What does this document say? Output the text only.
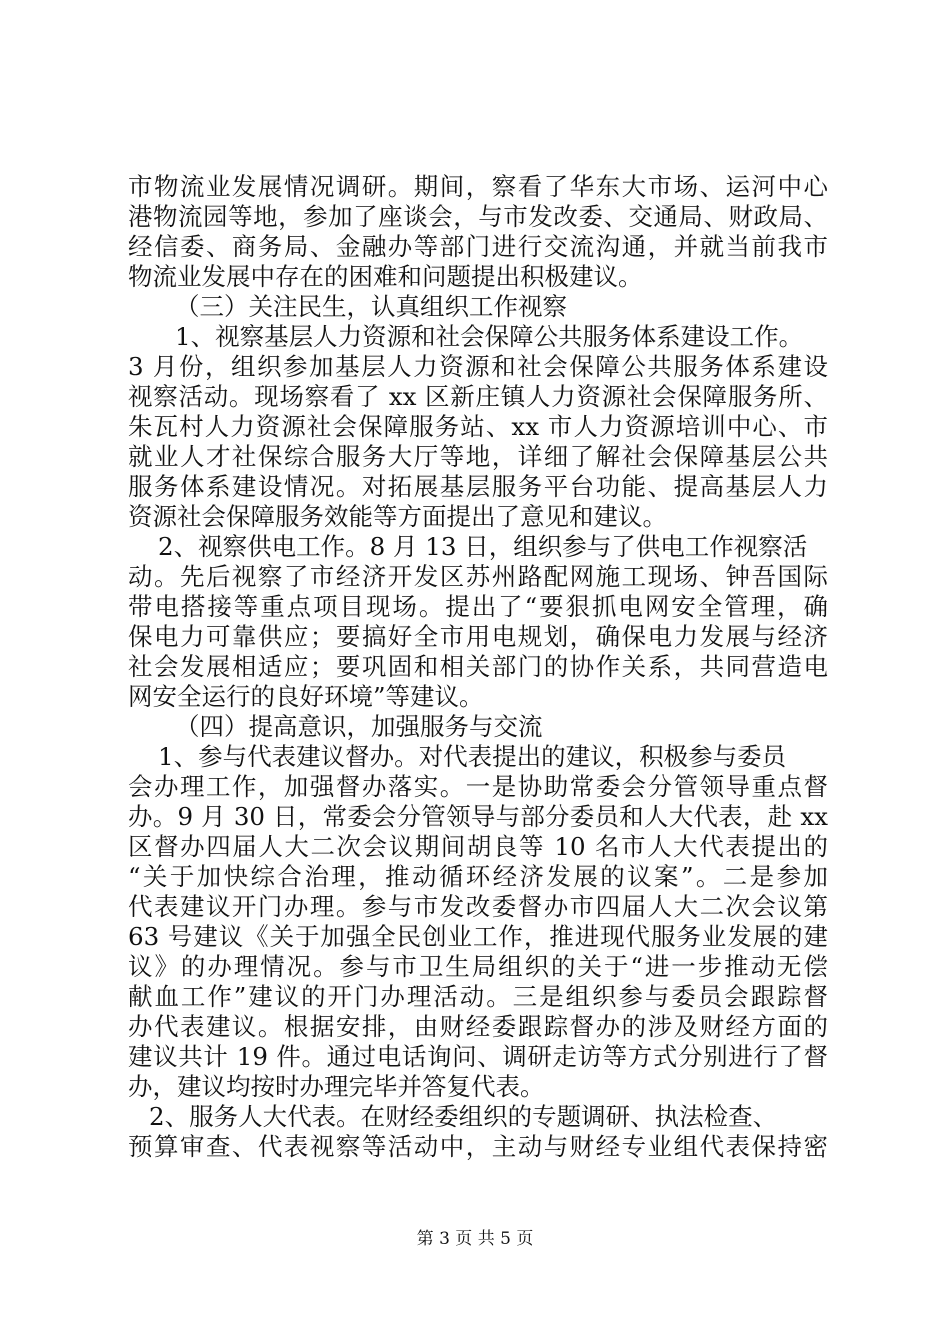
市物流业发展情况调研。期间，察看了华东大市场、运河中心
港物流园等地，参加了座谈会，与市发改委、交通局、财政局、
经信委、商务局、金融办等部门进行交流沟通，并就当前我市
物流业发展中存在的困难和问题提出积极建议。
（三）关注民生，认真组织工作视察
1、视察基层人力资源和社会保障公共服务体系建设工作。
3 月份，组织参加基层人力资源和社会保障公共服务体系建设
视察活动。现场察看了 xx 区新庄镇人力资源社会保障服务所、
朱瓦村人力资源社会保障服务站、xx 市人力资源培训中心、市
就业人才社保综合服务大厅等地，详细了解社会保障基层公共
服务体系建设情况。对拓展基层服务平台功能、提高基层人力
资源社会保障服务效能等方面提出了意见和建议。
2、视察供电工作。8 月 13 日，组织参与了供电工作视察活
动。先后视察了市经济开发区苏州路配网施工现场、钟吾国际
带电搭接等重点项目现场。提出了“要狠抓电网安全管理，确
保电力可靠供应；要搞好全市用电规划，确保电力发展与经济
社会发展相适应；要巩固和相关部门的协作关系，共同营造电
网安全运行的良好环境”等建议。
（四）提高意识，加强服务与交流
1、参与代表建议督办。对代表提出的建议，积极参与委员
会办理工作，加强督办落实。一是协助常委会分管领导重点督
办。9 月 30 日，常委会分管领导与部分委员和人大代表，赴 xx
区督办四届人大二次会议期间胡良等 10 名市人大代表提出的
“关于加快综合治理，推动循环经济发展的议案”。二是参加
代表建议开门办理。参与市发改委督办市四届人大二次会议第
63 号建议《关于加强全民创业工作，推进现代服务业发展的建
议》的办理情况。参与市卫生局组织的关于“进一步推动无偿
献血工作”建议的开门办理活动。三是组织参与委员会跟踪督
办代表建议。根据安排，由财经委跟踪督办的涉及财经方面的
建议共计 19 件。通过电话询问、调研走访等方式分别进行了督
办，建议均按时办理完毕并答复代表。
2、服务人大代表。在财经委组织的专题调研、执法检查、
预算审查、代表视察等活动中，主动与财经专业组代表保持密
第 3 页 共 5 页
